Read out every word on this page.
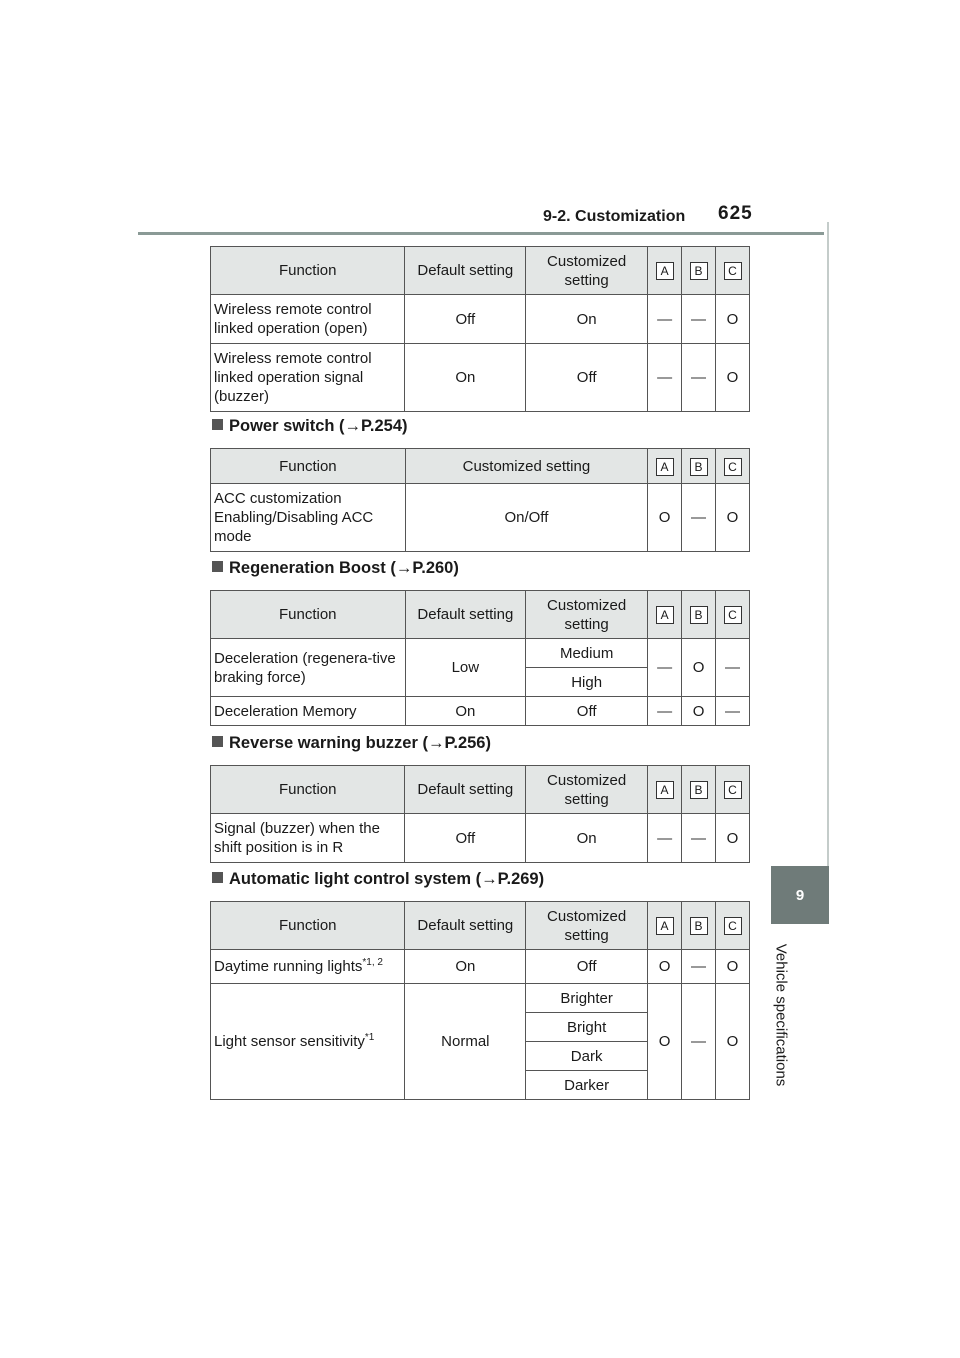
9-2. Customization 625
9
Vehicle specifications
Function	Default setting	Customized setting	A	B	C
Wireless remote control linked operation (open)	Off	On	—	—	O
Wireless remote control linked operation signal (buzzer)	On	Off	—	—	O
Power switch (→P.254)
Function	Customized setting	A	B	C
ACC customization Enabling/Disabling ACC mode	On/Off	O	—	O
Regeneration Boost (→P.260)
Function	Default setting	Customized setting	A	B	C
Deceleration (regenera-tive braking force)	Low	Medium	—	O	—
		High			
Deceleration Memory	On	Off	—	O	—
Reverse warning buzzer (→P.256)
Function	Default setting	Customized setting	A	B	C
Signal (buzzer) when the shift position is in R	Off	On	—	—	O
Automatic light control system (→P.269)
Function	Default setting	Customized setting	A	B	C
Daytime running lights$^{*1, 2}$	On	Off	O	—	O
Light sensor sensitivity$^{*1}$	Normal	Brighter	O	—	O
		Bright			
		Dark			
		Darker			
